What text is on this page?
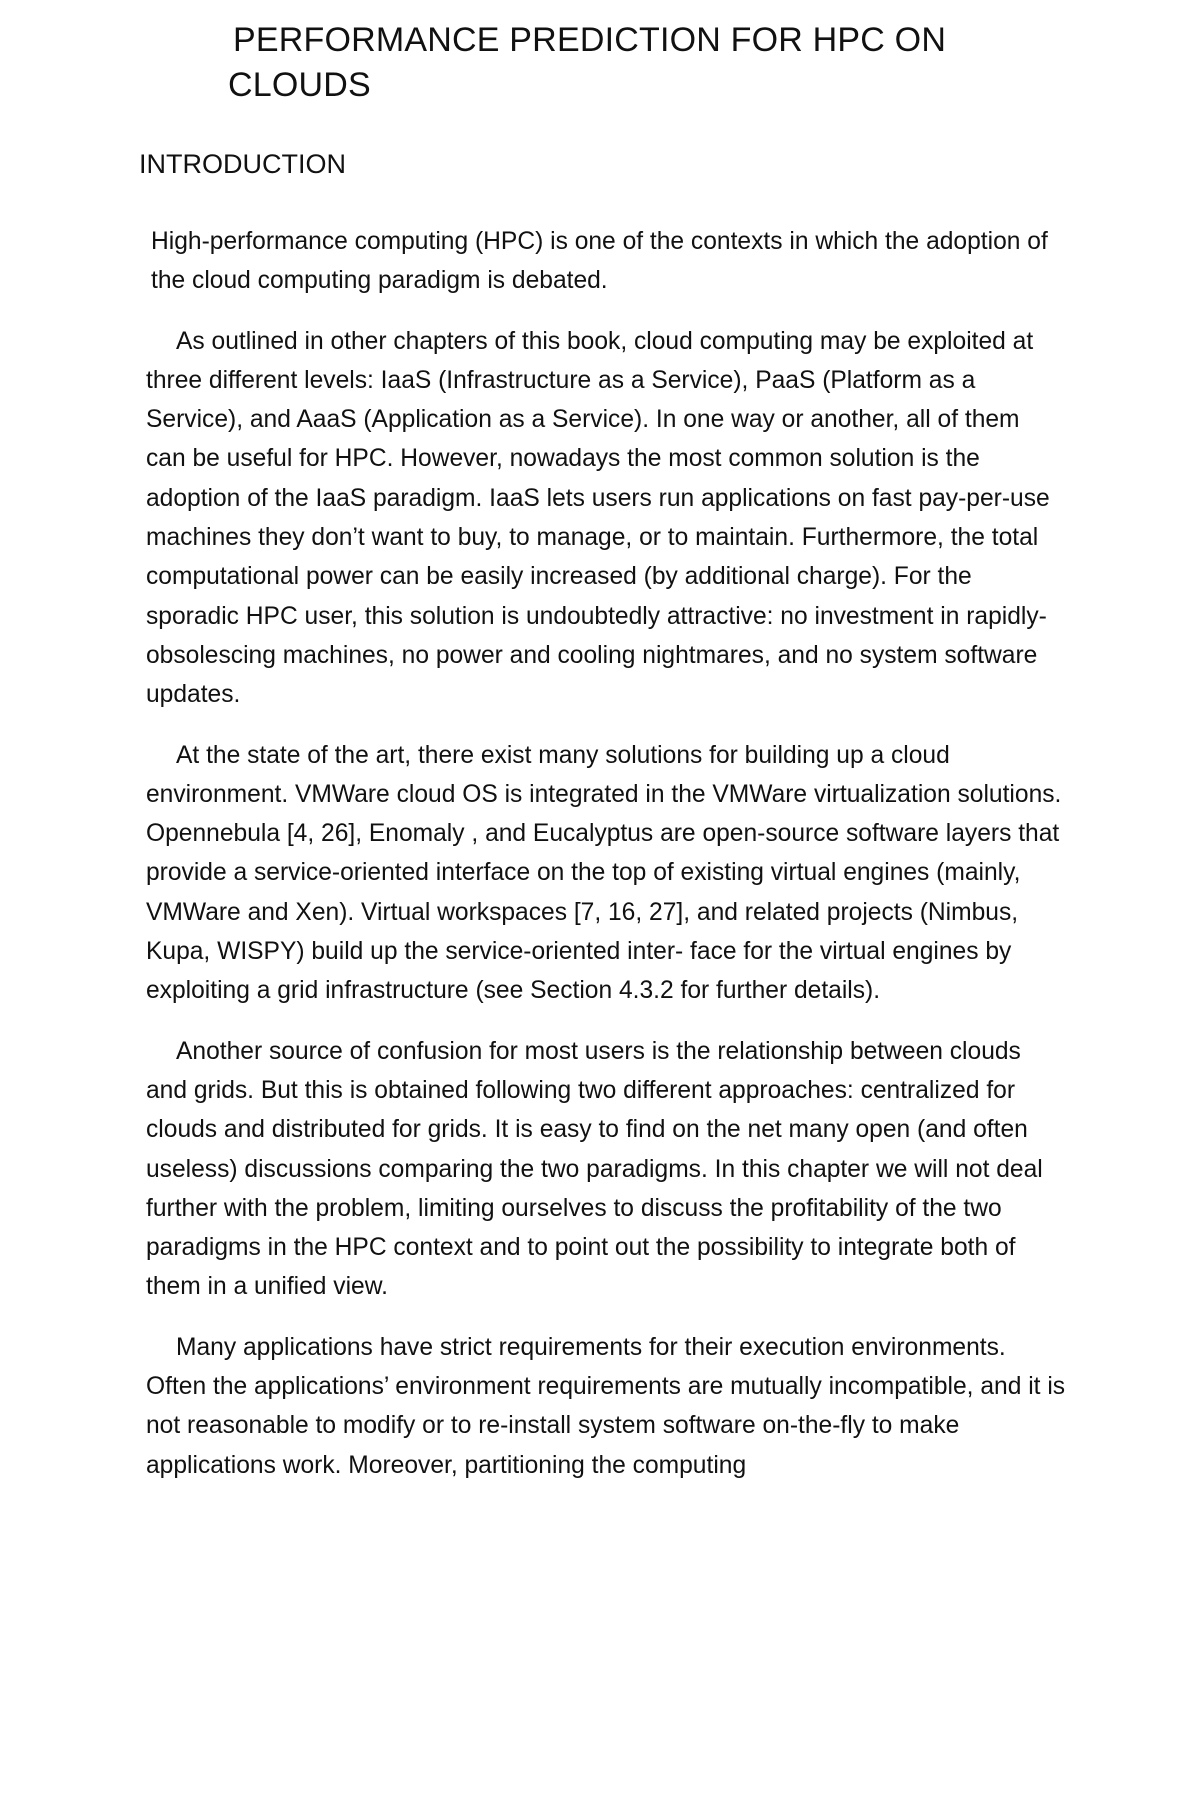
PERFORMANCE PREDICTION FOR HPC ON
CLOUDS
INTRODUCTION

High-performance computing (HPC) is one of the contexts in which the adoption of the cloud computing paradigm is debated.

As outlined in other chapters of this book, cloud computing may be exploited at three different levels: IaaS (Infrastructure as a Service), PaaS (Platform as a Service), and AaaS (Application as a Service). In one way or another, all of them can be useful for HPC. However, nowadays the most common solution is the adoption of the IaaS paradigm. IaaS lets users run applications on fast pay-per-use machines they don’t want to buy, to manage, or to maintain. Furthermore, the total computational power can be easily increased (by additional charge). For the sporadic HPC user, this solution is undoubtedly attractive: no investment in rapidly-obsolescing machines, no power and cooling nightmares, and no system software updates.

At the state of the art, there exist many solutions for building up a cloud environment. VMWare cloud OS is integrated in the VMWare virtualization solutions. Opennebula [4, 26], Enomaly , and Eucalyptus are open-source software layers that provide a service-oriented interface on the top of existing virtual engines (mainly, VMWare and Xen). Virtual workspaces [7, 16, 27], and related projects (Nimbus, Kupa, WISPY) build up the service-oriented inter- face for the virtual engines by exploiting a grid infrastructure (see Section 4.3.2 for further details).

Another source of confusion for most users is the relationship between clouds and grids. But this is obtained following two different approaches: centralized for clouds and distributed for grids. It is easy to find on the net many open (and often useless) discussions comparing the two paradigms. In this chapter we will not deal further with the problem, limiting ourselves to discuss the profitability of the two paradigms in the HPC context and to point out the possibility to integrate both of them in a unified view.

Many applications have strict requirements for their execution environments. Often the applications’ environment requirements are mutually incompatible, and it is not reasonable to modify or to re-install system software on-the-fly to make applications work. Moreover, partitioning the computing
